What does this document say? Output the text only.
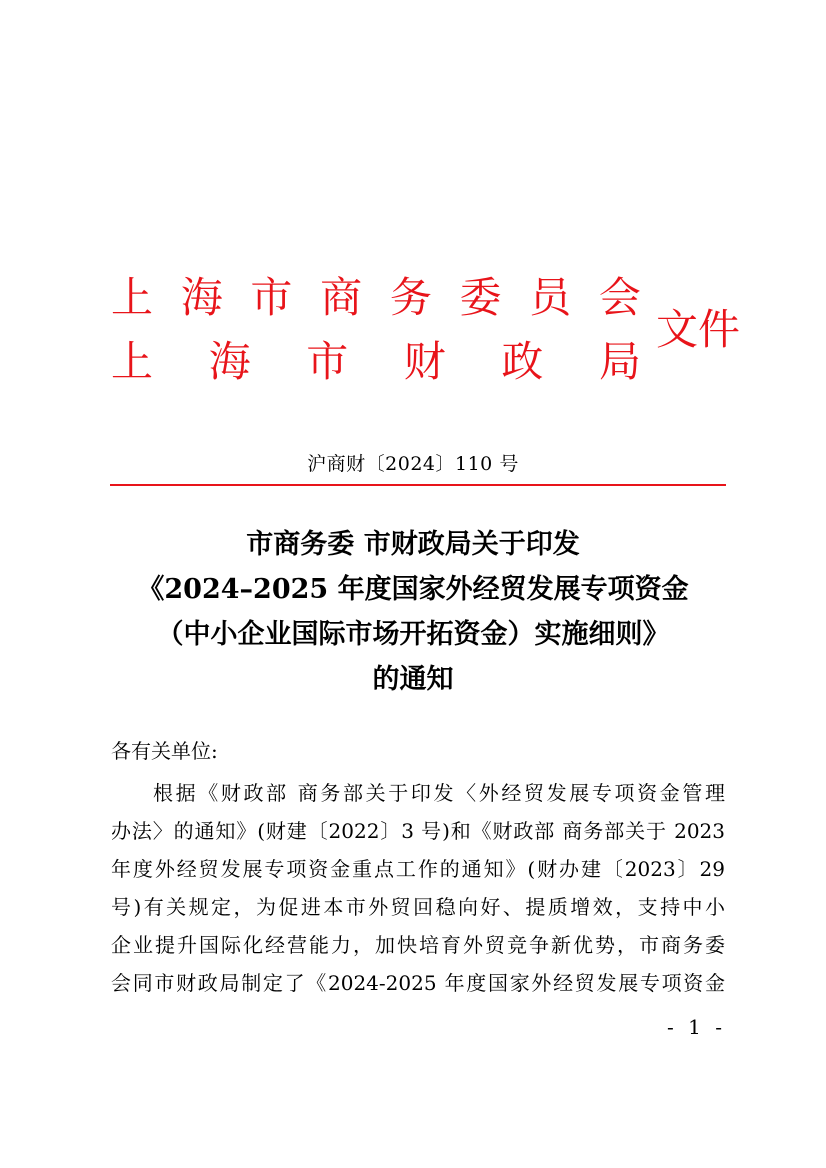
上 海 市 商 务 委 员 会
上 海 市 财 政 局
文件
沪商财〔2024〕110 号
市商务委 市财政局关于印发
《2024–2025 年度国家外经贸发展专项资金
（中小企业国际市场开拓资金）实施细则》
的通知
各有关单位:
根据《财政部 商务部关于印发〈外经贸发展专项资金管理
办法〉的通知》(财建〔2022〕3 号)和《财政部 商务部关于 2023
年度外经贸发展专项资金重点工作的通知》(财办建〔2023〕29
号)有关规定，为促进本市外贸回稳向好、提质增效，支持中小
企业提升国际化经营能力，加快培育外贸竞争新优势，市商务委
会同市财政局制定了《2024-2025 年度国家外经贸发展专项资金
- 1 -
